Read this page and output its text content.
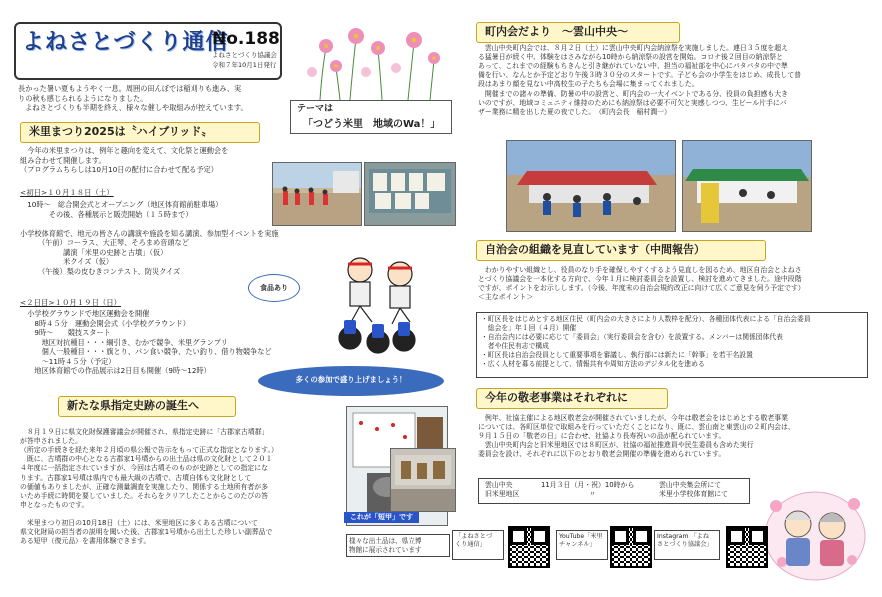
よねさとづくり通信
No.188
よねさとづくり協議会
令和７年10月1日発行
長かった暑い夏もようやく一息。周囲の田んぼでは稲刈りも進み、実
りの秋も感じられるようになりました。
　よねさとづくりも半期を終え、様々な催しや取組みが控えています。	テーマは
「つどう米里　地域のWa！」
米里まつり2025は〝ハイブリッド〟
　今年の米里まつりは、例年と趣向を変えて、文化祭と運動会を
組み合わせて開催します。
（プログラムちらしは10月10日の配付に合わせて配る予定）
<初日>１０月１８日（土）
　10時～　総合開会式とオープニング（地区体育館前駐車場）
　　　　その後、各種展示と販売開始（１５時まで）

小学校体育館で、地元の皆さんの講演や施設を知る講演、参加型イベントを実施
　　　（午前）コーラス、大正琴、そろまめ音頭など
　　　　　　講演「米里の史跡と古墳」（仮）
　　　　　　米クイズ（仮）
　　　（午後）梨の皮むきコンテスト、防災クイズ
食品あり
<２日目>１０月１９日（日）
　小学校グラウンドで地区運動会を開催
　　8時４５分　運動会開会式（小学校グラウンド）
　　9時～　　競技スタート
　　　地区対抗種目・・・綱引き、むかで競争、米里グランプリ
　　　個人一般種目・・・旗とり、パン食い競争、たい釣り、借り物競争など
　　　～11時４５分（予定）
　　地区体育館での作品展示は2日目も開催（9時～12時）
多くの参加で盛り上げましょう！
新たな県指定史跡の誕生へ
　８月１９日に県文化財保護審議会が開催され、県指定史跡に「古郡家古墳群」
が答申されました。
（所定の手続きを経た来年２月頃の県公報で告示をもって正式な指定となります。）
　既に、古墳群の中心となる古郡家1号墳からの出土品は県の文化財として２０１
４年度に一括指定されていますが、今回は古墳そのものが史跡としての指定にな
ります。古郡家1号墳は県内でも最大級の古墳で、古墳自体も文化財として
の価値もありましたが、正確な測量調査を実施したり、関係する土地所有者が多
いため手続に時間を要していました。それらをクリアしたことからこのたびの答
申となったものです。

　米里まつり初日の10月18日（土）には、米里地区に多くある古墳について
県文化財局の担当者の説明を聞いた後、古郡家1号墳から出土した珍しい副葬品で
ある短甲（復元品）を書用体験できます。
これが「短甲」です
様々な出土品は、県立博
物館に展示されています
町内会だより　～雲山中央～
　雲山中央町内会では、８月２日（土）に雲山中央町内会納涼祭を実施しました。連日３５度を超え
る猛暑日が続く中、体験をはさみながら10時から納涼祭の設営を開始。コロナ後２回目の納涼祭と
あって、これまでの経験もちきんと引き継がれていない中、担当の福祉部を中心にパタパタの中で準
備を行い、なんとか予定どおり午後３時３０分のスタートです。子ども会の小学生をはじめ、成長して普
段はあまり顔を見ない中高校生の子たちも会場に集まってくれました。
　開催までの諸々の準備、防暑の中の設営と、町内会の一大イベントである分、役員の負担感も大き
いのですが、地域コミュニティ維持のためにも納涼祭は必要不可欠と実感しつつ、生ビール片手にバ
ザー業務に精を出した夏の夜でした。　（町内会長　稲村潤一）
自治会の組織を見直しています（中間報告）
　わかりやすい組織とし、役員のなり手を確保しやすくするよう見直しを図るため、地区自治会とよねさ
とづくり協議会を一本化する方向で、今年１月に検討委員会を設置し、検討を進めてきました。途中段階
ですが、ポイントをお示しします。（今後、年度末の自治会規約改正に向けて広くご意見を伺う予定です）
＜主なポイント＞
・町区長をはじめとする地区住民（町内会の大きさにより人数枠を配分）、各種団体代表による「自治会委員
　総会を」年１回（４月）開催
・自治会内には必要に応じて「委員会」（実行委員会を含む）を設置する。メンバーは関係団体代表
　者や住民有志で構成
・町区長は自治会役員として重要事項を審議し、執行部には新たに「幹事」を若干名設置
・広く人材を募る前提として、情報共有や周知方法のデジタル化を進める
今年の敬老事業はそれぞれに
　例年、社協主催による地区敬老会が開催されていましたが、今年は敬老会をはじめとする敬老事業
については、各町区単位で取組みを行っていただくことになり、既に、雲山南と東雲山の２町内会は、
９月１５日の「敬老の日」に合わせ、社協より長寿祝いの品が配られています。
　雲山中央町内会と旧米里地区では８町区が、社協の福祉推進員や民生委員も含めた実行
委員会を設け、それぞれに以下のとおり敬老会開催の準備を進められています。
雲山中央	11月３日（月・祝）10時から	雲山中央集会所にて
旧米里地区	〃	米里小学校体育館にて
「よねさとづ
くり通信」
YouTube「米里
チャンネル」
Instagram 「よね
さとづくり協議会」
